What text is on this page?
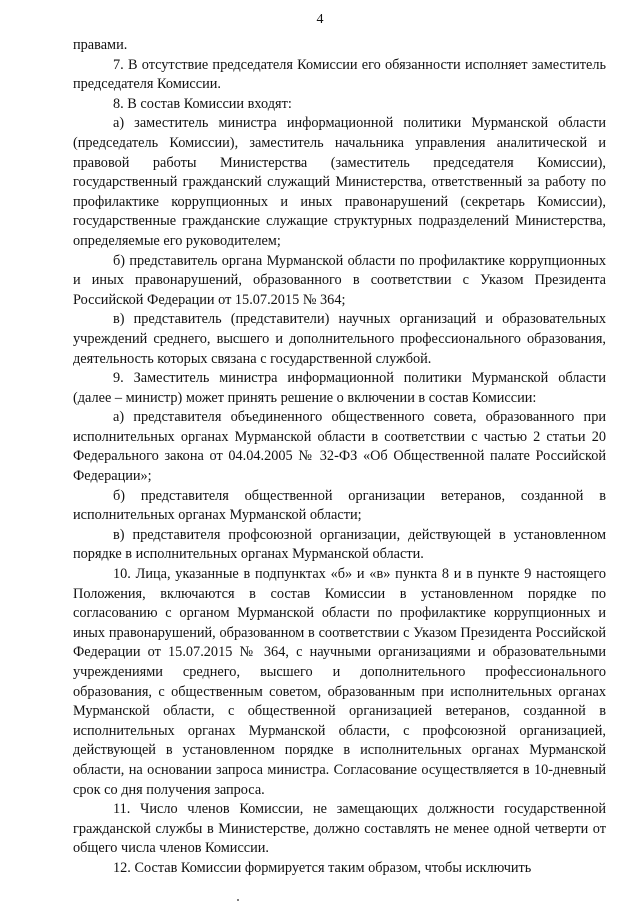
4

правами.

7. В отсутствие председателя Комиссии его обязанности исполняет заместитель председателя Комиссии.

8. В состав Комиссии входят:

а) заместитель министра информационной политики Мурманской области (председатель Комиссии), заместитель начальника управления аналитической и правовой работы Министерства (заместитель председателя Комиссии), государственный гражданский служащий Министерства, ответственный за работу по профилактике коррупционных и иных правонарушений (секретарь Комиссии), государственные гражданские служащие структурных подразделений Министерства, определяемые его руководителем;

б) представитель органа Мурманской области по профилактике коррупционных и иных правонарушений, образованного в соответствии с Указом Президента Российской Федерации от 15.07.2015 № 364;

в) представитель (представители) научных организаций и образовательных учреждений среднего, высшего и дополнительного профессионального образования, деятельность которых связана с государственной службой.

9. Заместитель министра информационной политики Мурманской области (далее – министр) может принять решение о включении в состав Комиссии:

а) представителя объединенного общественного совета, образованного при исполнительных органах Мурманской области в соответствии с частью 2 статьи 20 Федерального закона от 04.04.2005 № 32-ФЗ «Об Общественной палате Российской Федерации»;

б) представителя общественной организации ветеранов, созданной в исполнительных органах Мурманской области;

в) представителя профсоюзной организации, действующей в установленном порядке в исполнительных органах Мурманской области.

10. Лица, указанные в подпунктах «б» и «в» пункта 8 и в пункте 9 настоящего Положения, включаются в состав Комиссии в установленном порядке по согласованию с органом Мурманской области по профилактике коррупционных и иных правонарушений, образованном в соответствии с Указом Президента Российской Федерации от 15.07.2015 № 364, с научными организациями и образовательными учреждениями среднего, высшего и дополнительного профессионального образования, с общественным советом, образованным при исполнительных органах Мурманской области, с общественной организацией ветеранов, созданной в исполнительных органах Мурманской области, с профсоюзной организацией, действующей в установленном порядке в исполнительных органах Мурманской области, на основании запроса министра. Согласование осуществляется в 10-дневный срок со дня получения запроса.

11. Число членов Комиссии, не замещающих должности государственной гражданской службы в Министерстве, должно составлять не менее одной четверти от общего числа членов Комиссии.

12. Состав Комиссии формируется таким образом, чтобы исключить
